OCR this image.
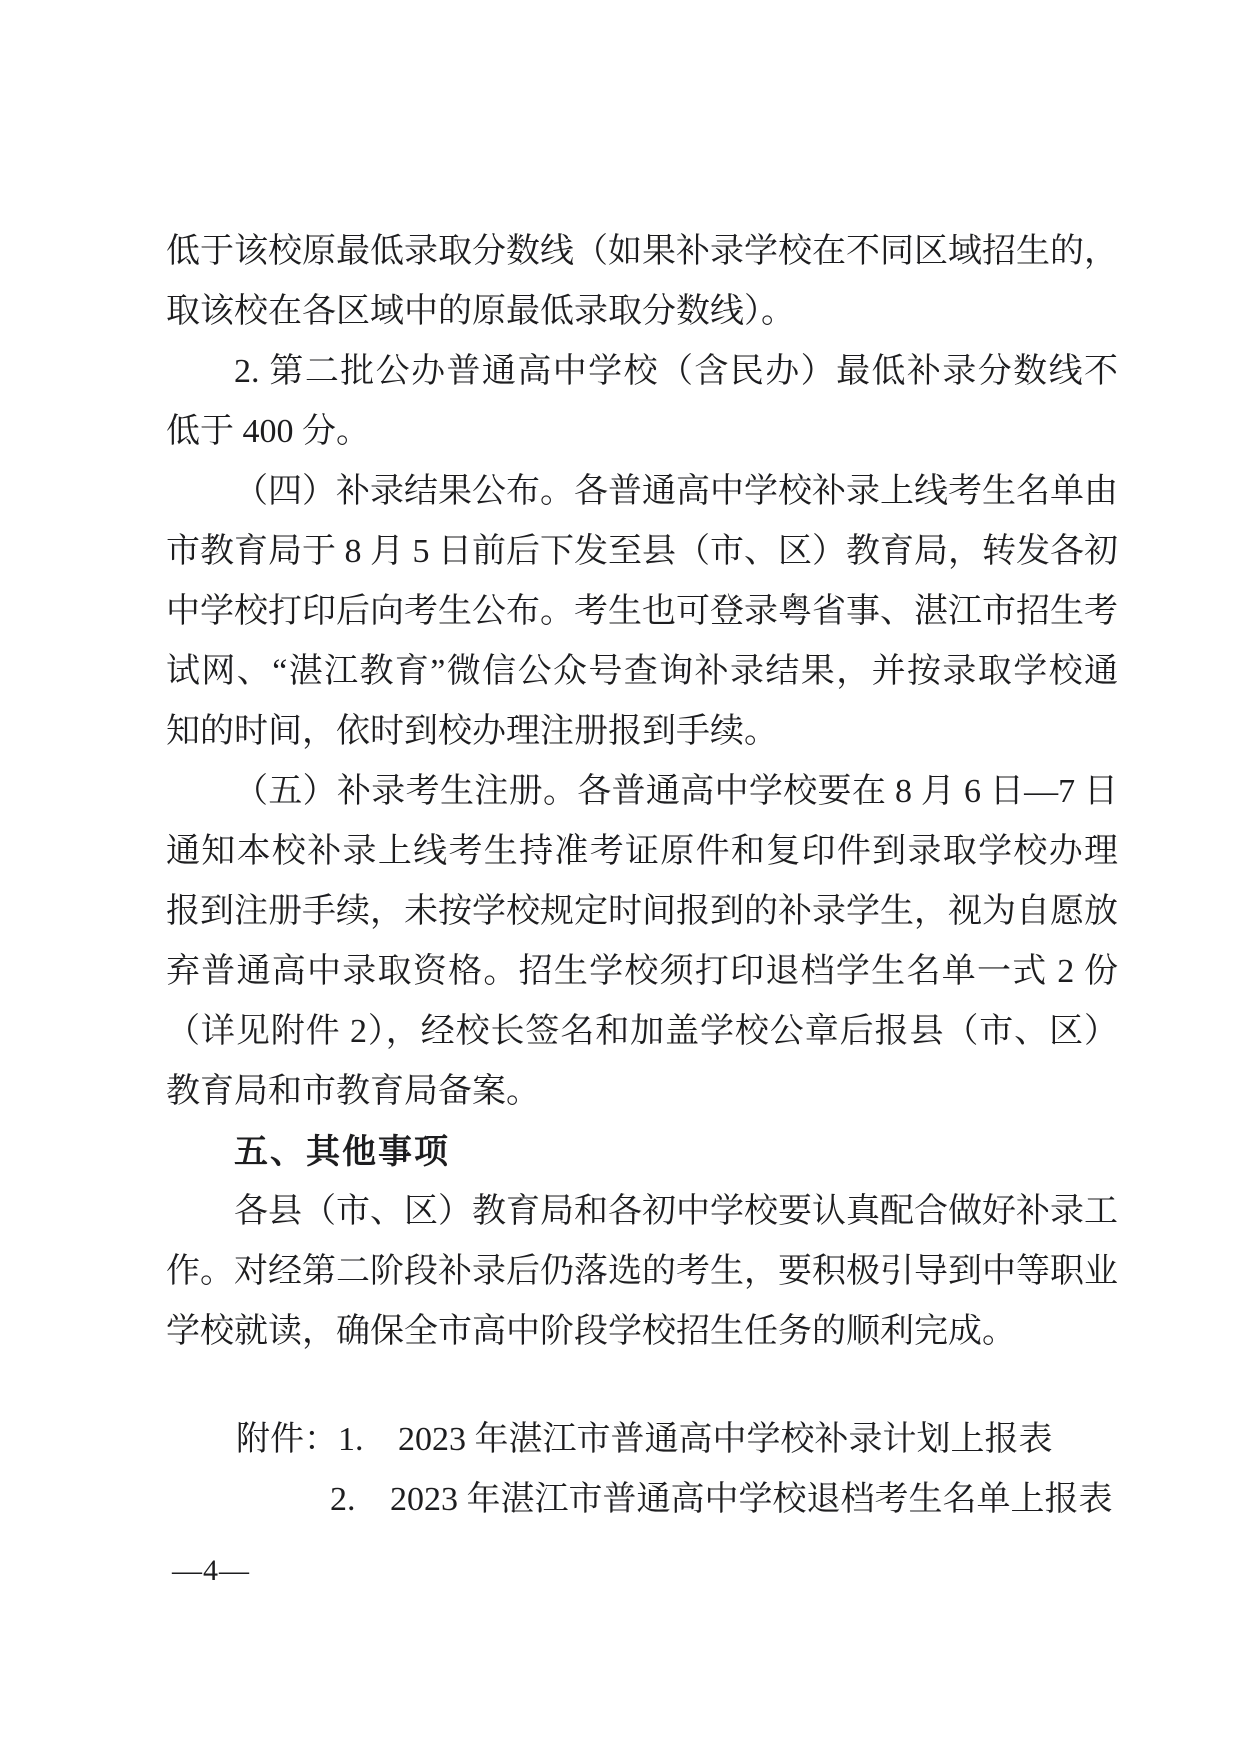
低于该校原最低录取分数线（如果补录学校在不同区域招生的，
取该校在各区域中的原最低录取分数线）。
2. 第二批公办普通高中学校（含民办）最低补录分数线不
低于 400 分。
（四）补录结果公布。各普通高中学校补录上线考生名单由
市教育局于 8 月 5 日前后下发至县（市、区）教育局，转发各初
中学校打印后向考生公布。考生也可登录粤省事、湛江市招生考
试网、“湛江教育”微信公众号查询补录结果，并按录取学校通
知的时间，依时到校办理注册报到手续。
（五）补录考生注册。各普通高中学校要在 8 月 6 日—7 日
通知本校补录上线考生持准考证原件和复印件到录取学校办理
报到注册手续，未按学校规定时间报到的补录学生，视为自愿放
弃普通高中录取资格。招生学校须打印退档学生名单一式 2 份
（详见附件 2），经校长签名和加盖学校公章后报县（市、区）
教育局和市教育局备案。
五、其他事项
各县（市、区）教育局和各初中学校要认真配合做好补录工
作。对经第二阶段补录后仍落选的考生，要积极引导到中等职业
学校就读，确保全市高中阶段学校招生任务的顺利完成。
附件：1. 2023 年湛江市普通高中学校补录计划上报表
2. 2023 年湛江市普通高中学校退档考生名单上报表
—4—
